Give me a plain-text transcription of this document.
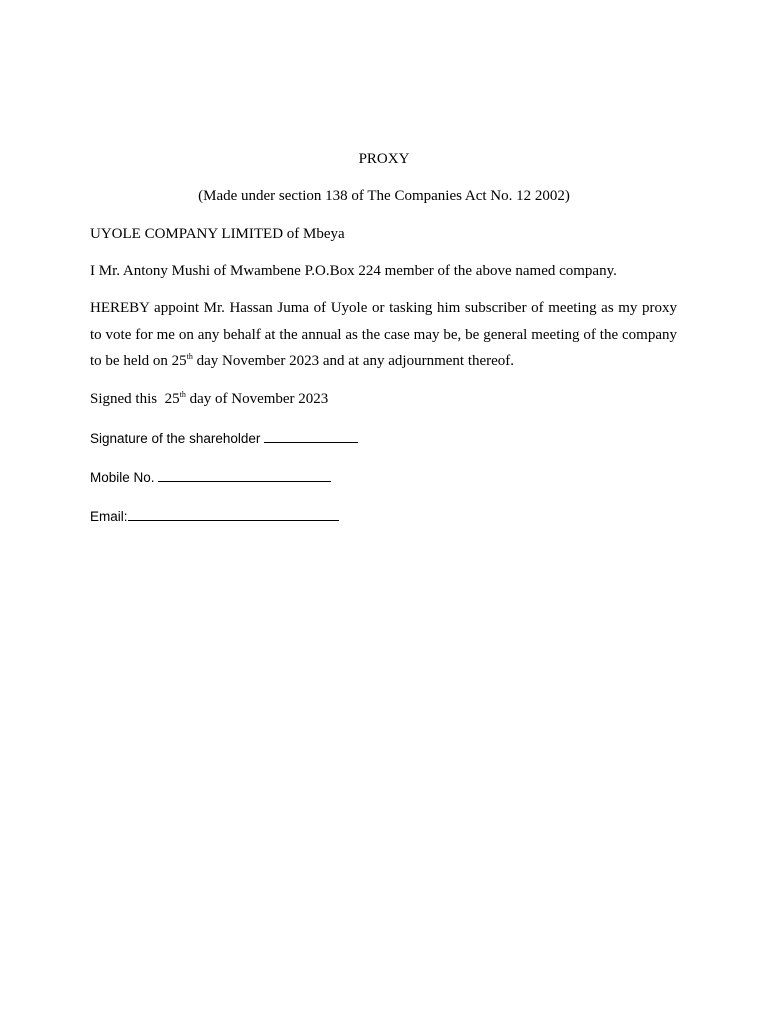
PROXY
(Made under section 138 of The Companies Act No. 12 2002)
UYOLE COMPANY LIMITED of Mbeya
I Mr. Antony Mushi of Mwambene P.O.Box 224 member of the above named company.
HEREBY appoint Mr. Hassan Juma of Uyole or tasking him subscriber of meeting as my proxy
to vote for me on any behalf at the annual as the case may be, be general meeting of the company
to be held on 25th day November 2023 and at any adjournment thereof.
Signed this  25th day of November 2023
Signature of the shareholder
Mobile No.
Email:
